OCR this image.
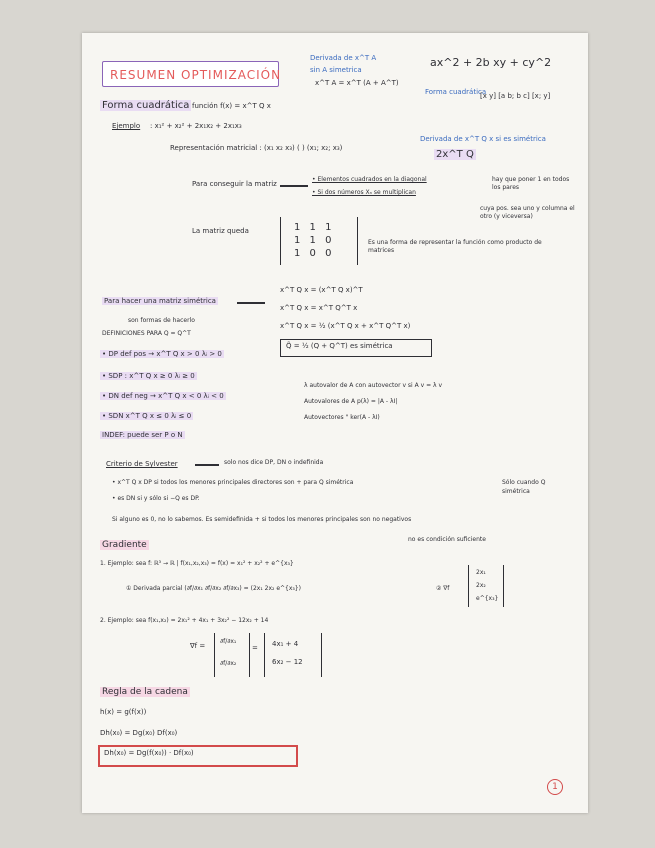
RESUMEN OPTIMIZACIÓN
Derivada de x^T A
sin A simetrica
x^T A = x^T (A + A^T)
ax^2 + 2b xy + cy^2
Forma cuadrática
[x y] [a b; b c] [x; y]
Derivada de x^T Q x si es simétrica
2x^T Q
Forma cuadrática función f(x) = x^T Q x
Ejemplo : x₁² + x₂² + 2x₁x₂ + 2x₁x₃
Representación matricial : (x₁ x₂ x₃) ( ) (x₁; x₂; x₃)
Para conseguir la matriz
• Elementos cuadrados en la diagonal
• Si dos números Xₙ se multiplican
hay que poner 1 en todos los pares
cuya pos. sea uno y columna el otro (y viceversa)
La matriz queda	1 1 1
1 1 0
1 0 0
Es una forma de representar la función como producto de matrices
Para hacer una matriz simétrica
x^T Q x = (x^T Q x)^T
x^T Q x = x^T Q^T x
x^T Q x = ½ (x^T Q x + x^T Q^T x)
Q̃ = ½ (Q + Q^T) es simétrica
son formas de hacerlo
DEFINICIONES PARA Q = Q^T
• DP def pos → x^T Q x > 0 λᵢ > 0
• SDP : x^T Q x ≥ 0 λᵢ ≥ 0
• DN def neg → x^T Q x < 0 λᵢ < 0
• SDN x^T Q x ≤ 0 λᵢ ≤ 0
INDEF: puede ser P o N
λ autovalor de A con autovector v si A v = λ v
Autovalores de A p(λ) = |A - λI|
Autovectores " ker(A - λI)
Criterio de Sylvester	solo nos dice DP, DN o indefinida
• x^T Q x DP si todos los menores principales directores son + para Q simétrica
• es DN si y sólo si −Q es DP.
Sólo cuando Q simétrica
Si alguno es 0, no lo sabemos. Es semidefinida + si todos los menores principales son no negativos
no es condición suficiente
Gradiente
1. Ejemplo: sea f: ℝ³ → ℝ | f(x₁,x₂,x₃) = f(x) = x₁² + x₂² + e^{x₃}
① Derivada parcial (∂f/∂x₁ ∂f/∂x₂ ∂f/∂x₃) = (2x₁ 2x₂ e^{x₃})	② ∇f
2x₁
2x₂
e^{x₃}
2. Ejemplo: sea f(x₁,x₂) = 2x₁² + 4x₁ + 3x₂² − 12x₂ + 14
∇f =
∂f/∂x₁
∂f/∂x₂
= 4x₁ + 4
6x₂ − 12
Regla de la cadena
h(x) = g(f(x))
Dh(x₀) = Dg(x₀) Df(x₀)
Dh(x₀) = Dg(f(x₀)) · Df(x₀)
1
